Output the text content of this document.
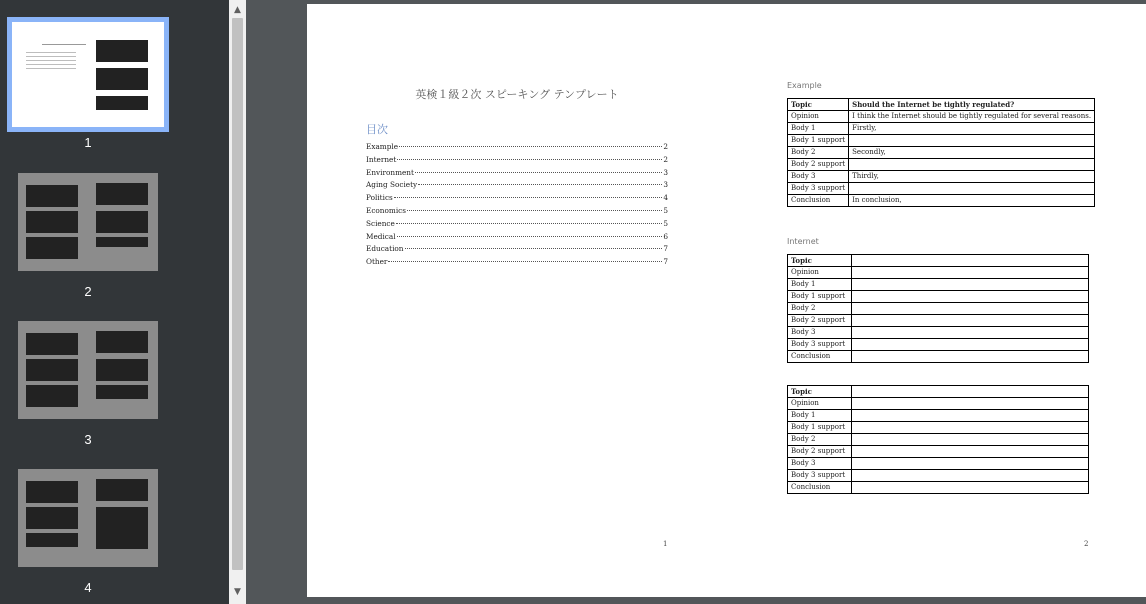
1
2
3
4
▲
▼
英検１級２次 スピーキング テンプレート
目次
Example	2
Internet	2
Environment	3
Aging Society	3
Politics	4
Economics	5
Science	5
Medical	6
Education	7
Other	7
1
Example
Topic	Should the Internet be tightly regulated?
Opinion	I think the Internet should be tightly regulated for several reasons.
Body 1	Firstly,
Body 1 support	
Body 2	Secondly,
Body 2 support	
Body 3	Thirdly,
Body 3 support	
Conclusion	In conclusion,
Internet
Topic	
Opinion	
Body 1	
Body 1 support	
Body 2	
Body 2 support	
Body 3	
Body 3 support	
Conclusion	
Topic	
Opinion	
Body 1	
Body 1 support	
Body 2	
Body 2 support	
Body 3	
Body 3 support	
Conclusion	
2
